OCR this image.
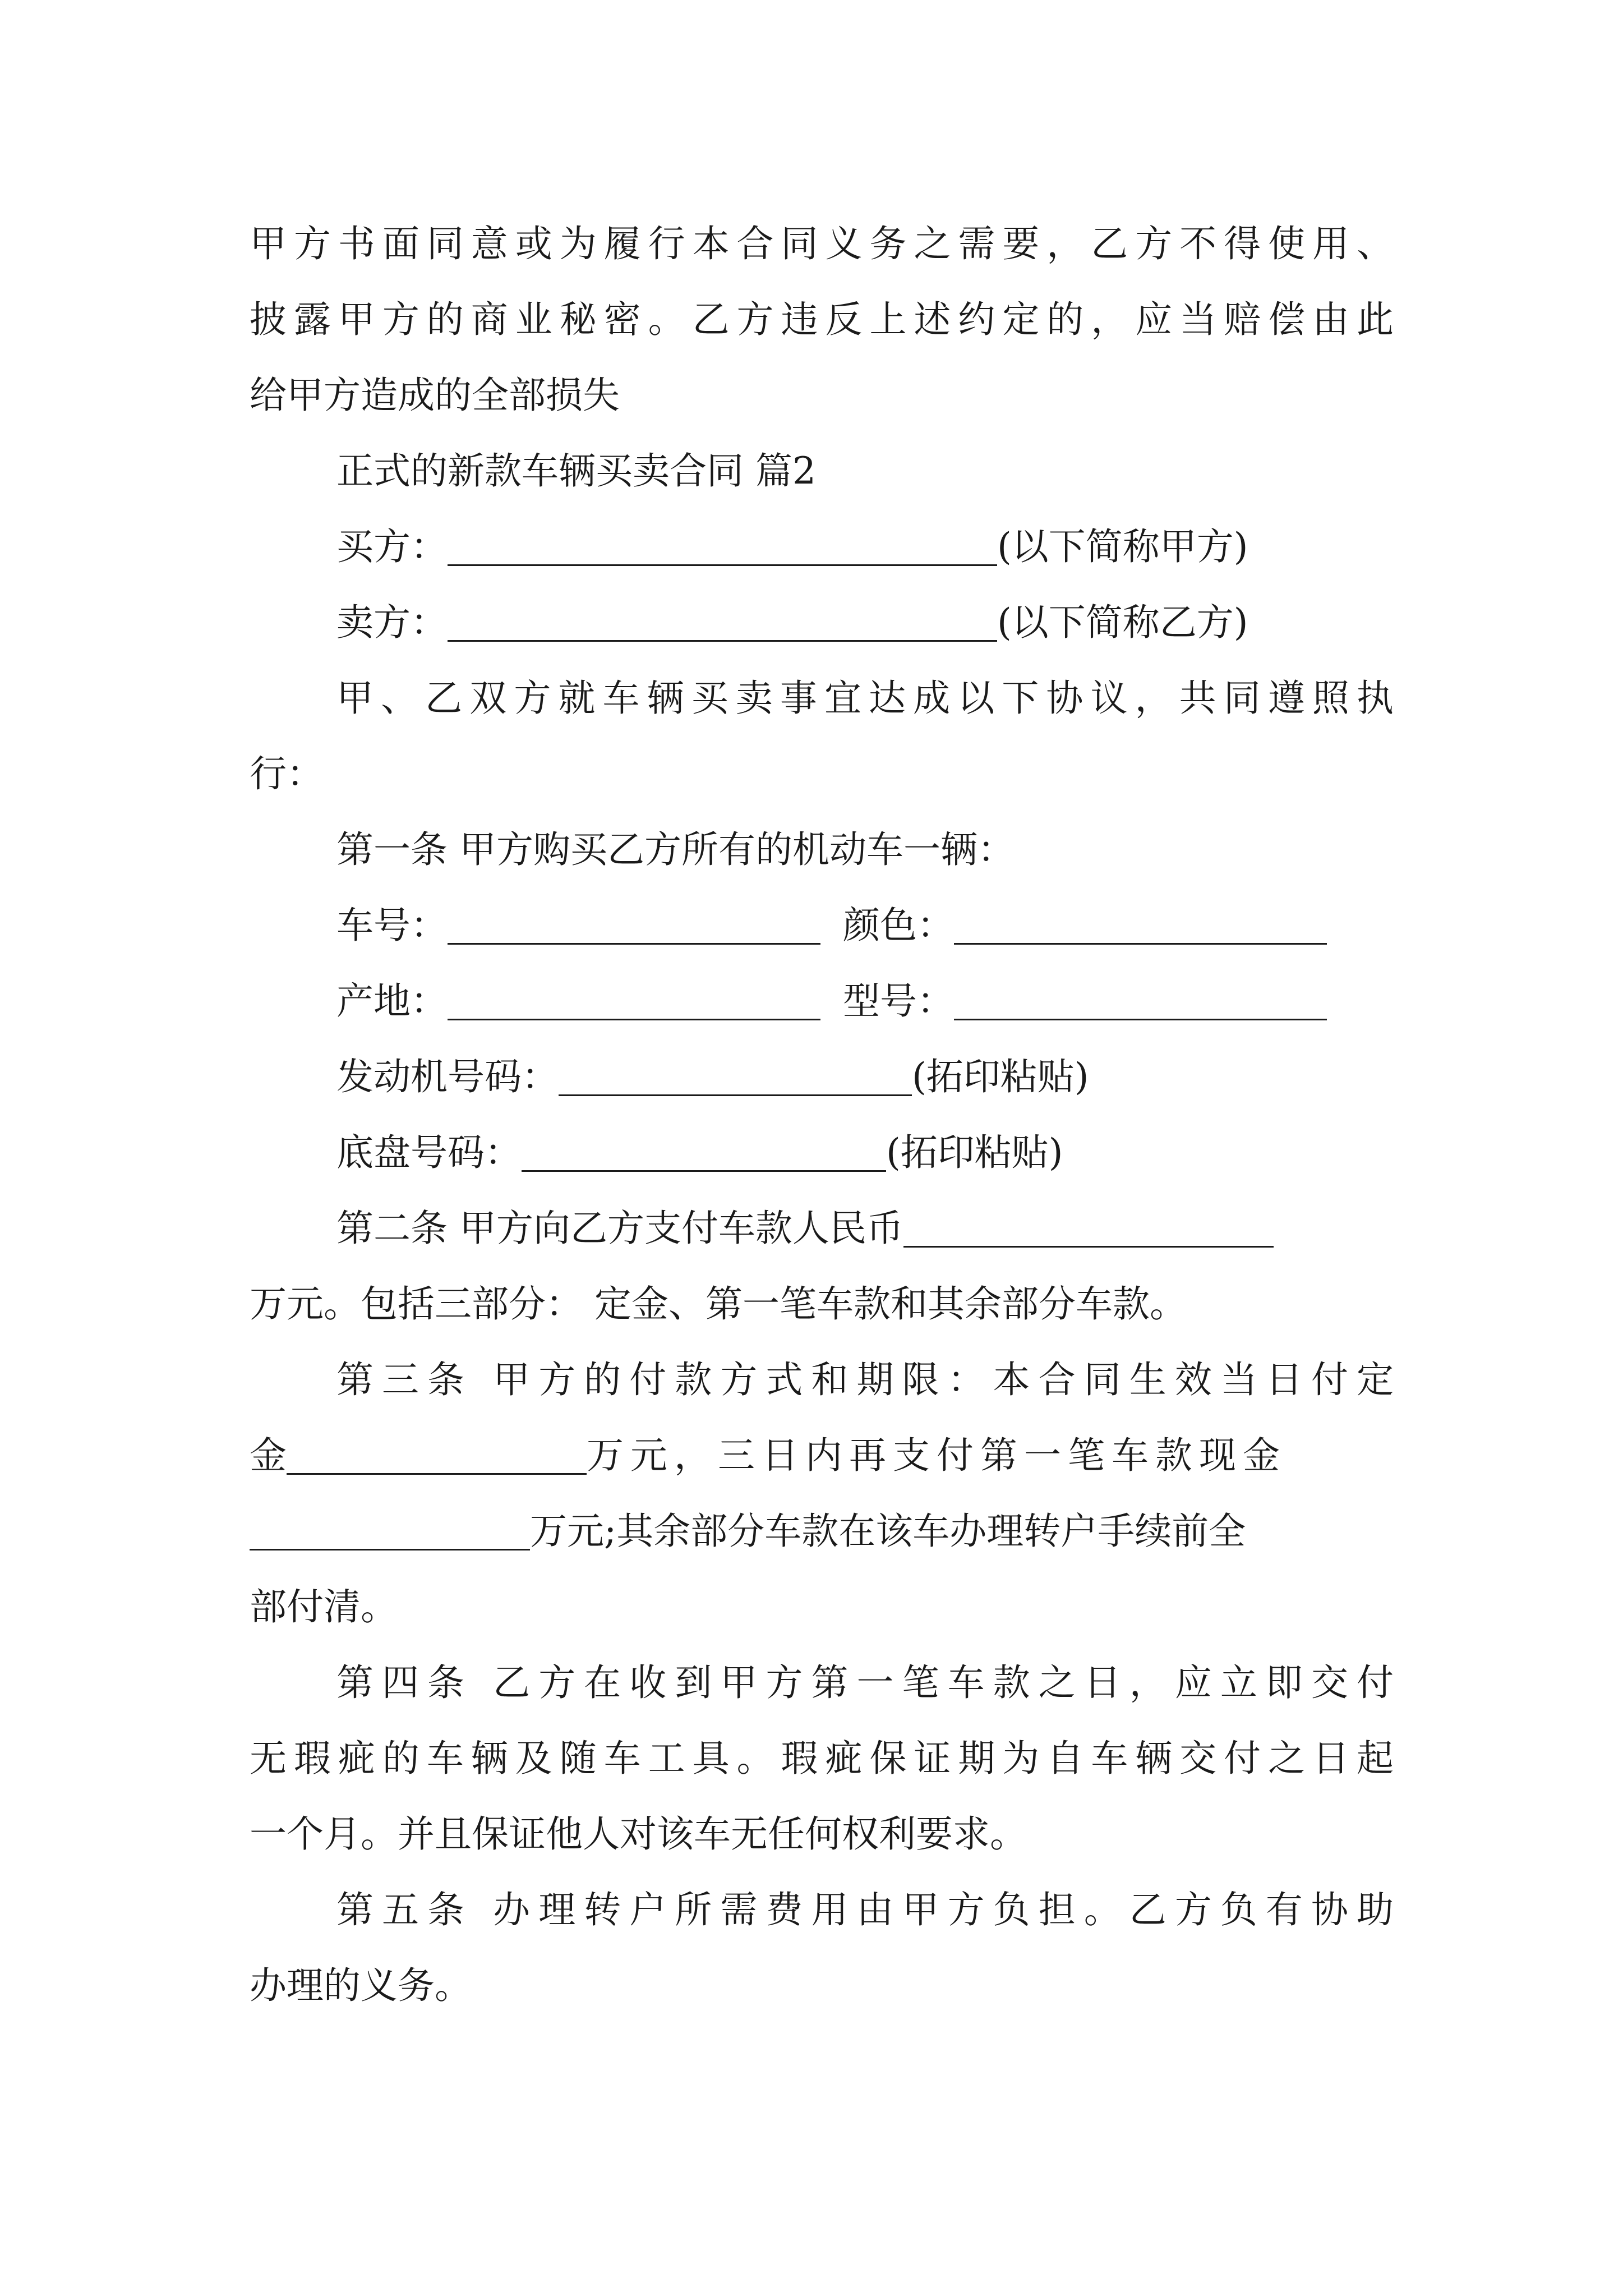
甲方书面同意或为履行本合同义务之需要，乙方不得使用、
披露甲方的商业秘密。乙方违反上述约定的，应当赔偿由此
给甲方造成的全部损失
正式的新款车辆买卖合同 篇2
买方：	(以下简称甲方)
卖方：	(以下简称乙方)
甲、乙双方就车辆买卖事宜达成以下协议，共同遵照执
行：
第一条 甲方购买乙方所有的机动车一辆：
车号：	颜色：
产地：	型号：
发动机号码：	(拓印粘贴)
底盘号码：	(拓印粘贴)
第二条 甲方向乙方支付车款人民币
万元。包括三部分： 定金、第一笔车款和其余部分车款。
第三条 甲方的付款方式和期限：本合同生效当日付定
金	万元，三日内再支付第一笔车款现金
万元;其余部分车款在该车办理转户手续前全
部付清。
第四条 乙方在收到甲方第一笔车款之日，应立即交付
无瑕疵的车辆及随车工具。瑕疵保证期为自车辆交付之日起
一个月。并且保证他人对该车无任何权利要求。
第五条 办理转户所需费用由甲方负担。乙方负有协助
办理的义务。
